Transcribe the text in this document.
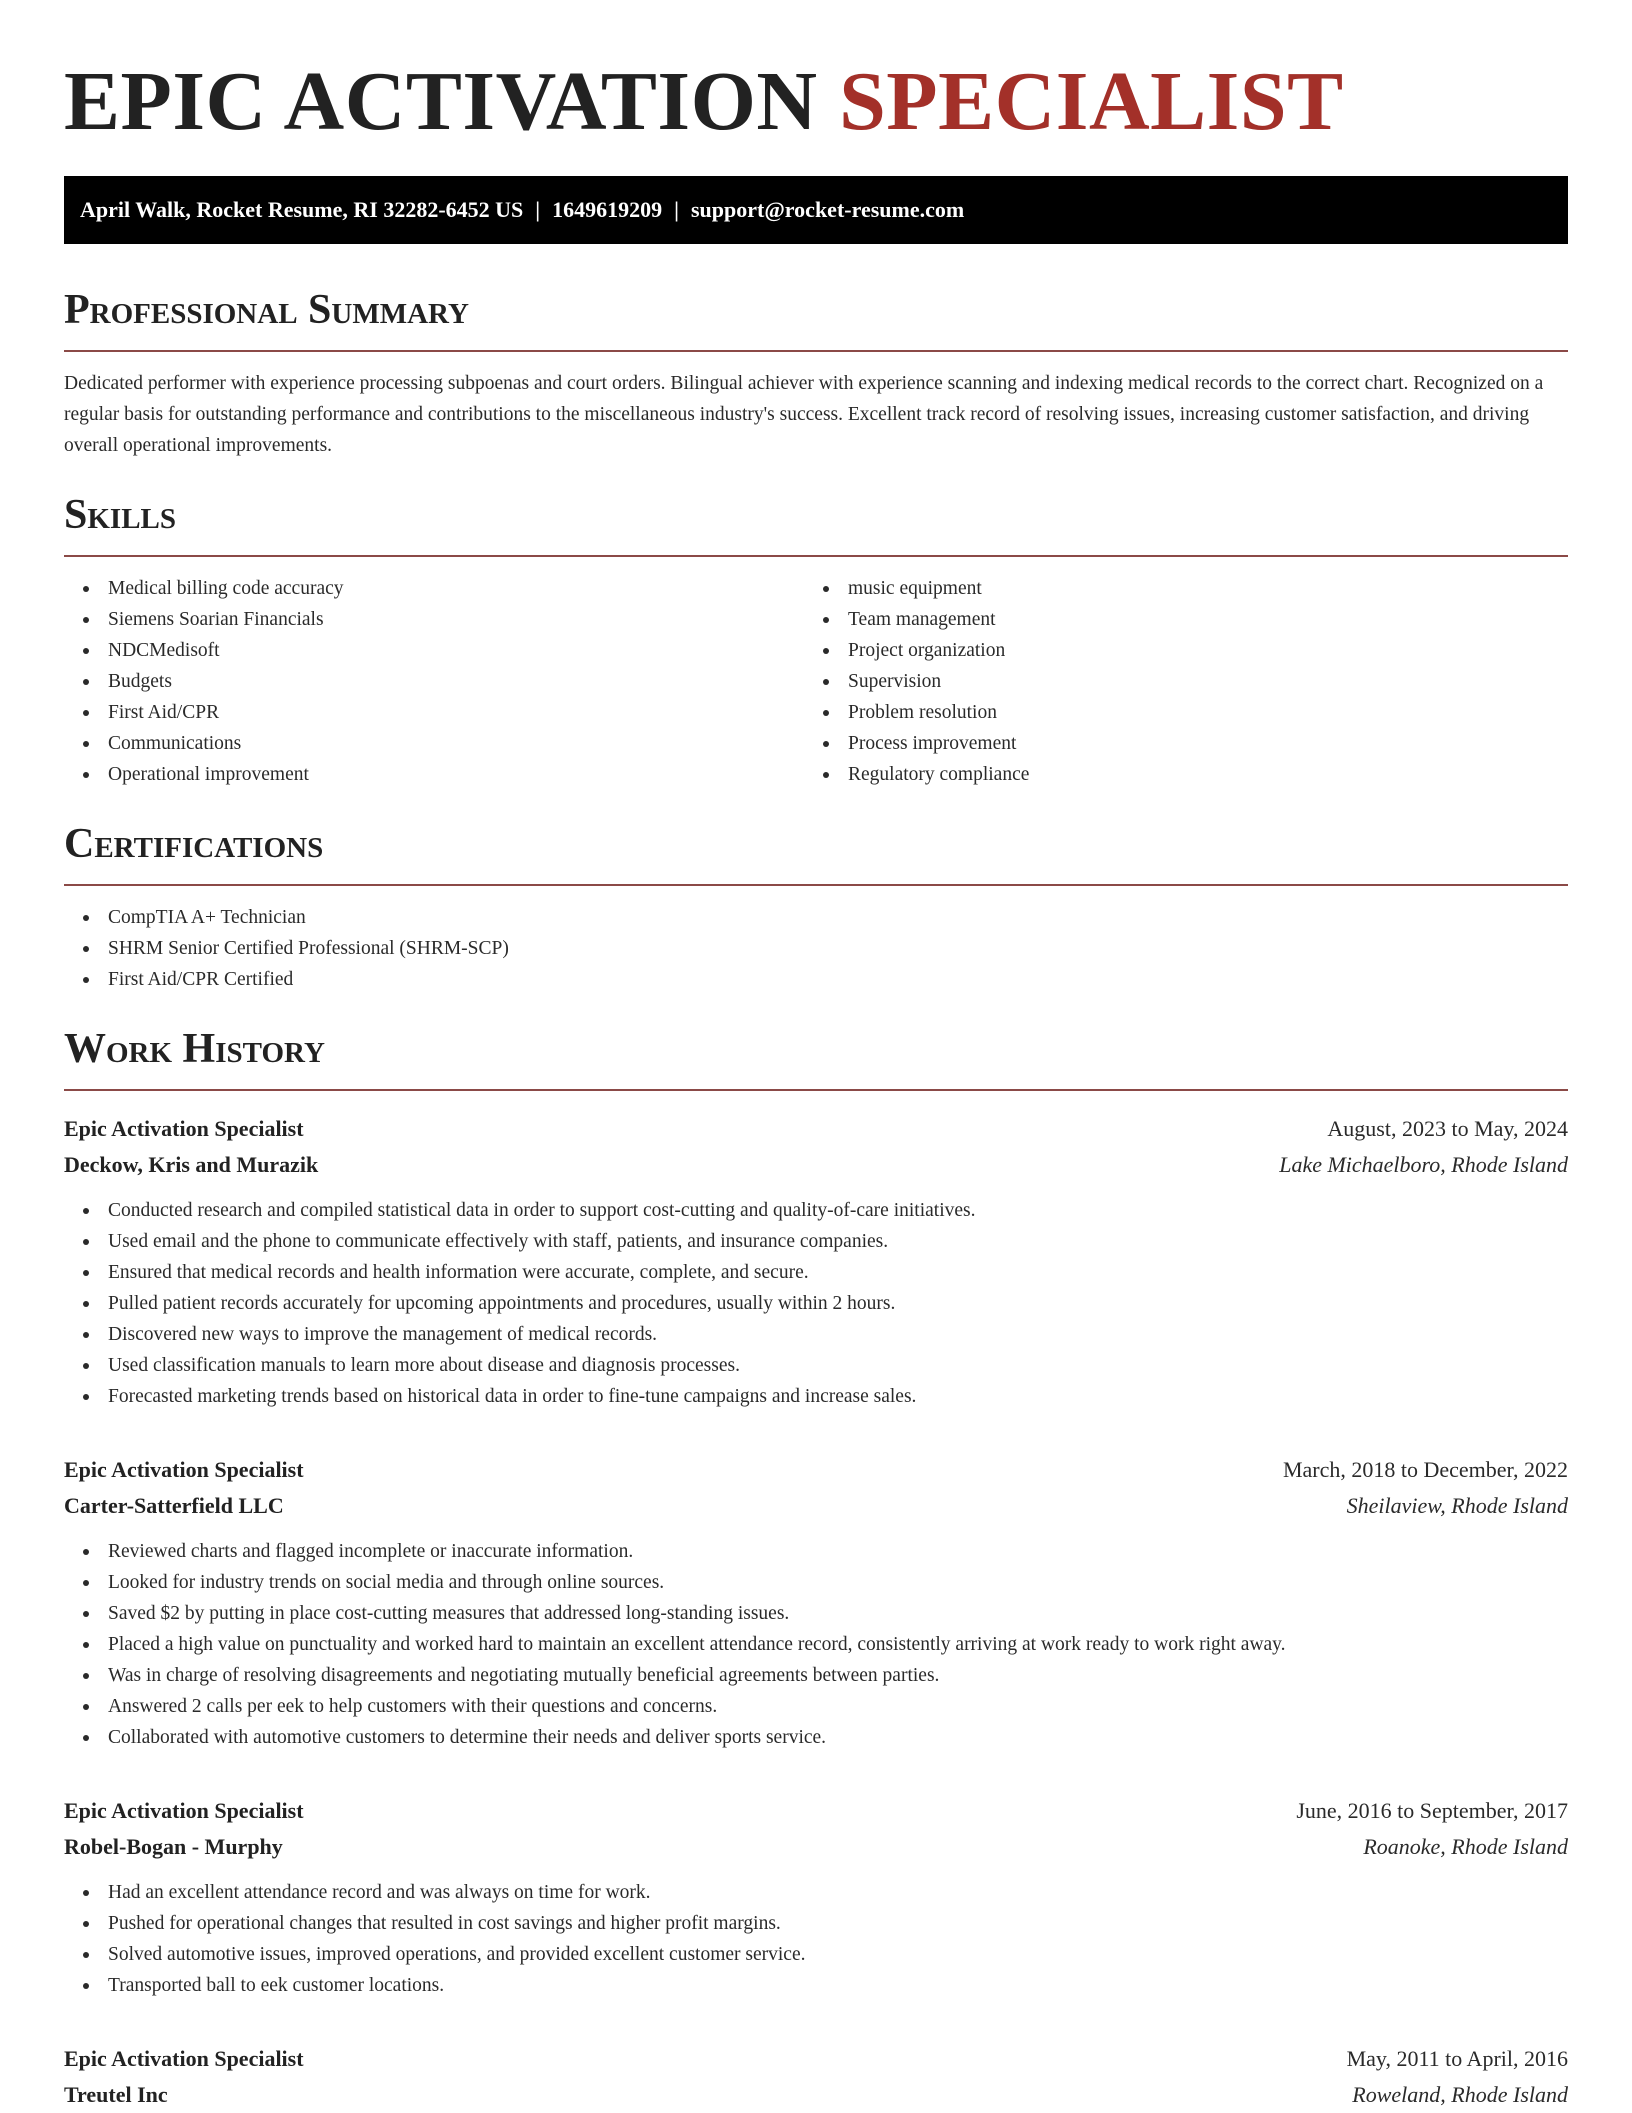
EPIC ACTIVATION SPECIALIST
April Walk, Rocket Resume, RI 32282-6452 US | 1649619209 | support@rocket-resume.com
Professional Summary

Dedicated performer with experience processing subpoenas and court orders. Bilingual achiever with experience scanning and indexing medical records to the correct chart. Recognized on a regular basis for outstanding performance and contributions to the miscellaneous industry's success. Excellent track record of resolving issues, increasing customer satisfaction, and driving overall operational improvements.

Skills
Medical billing code accuracy
Siemens Soarian Financials
NDCMedisoft
Budgets
First Aid/CPR
Communications
Operational improvement
music equipment
Team management
Project organization
Supervision
Problem resolution
Process improvement
Regulatory compliance
Certifications
CompTIA A+ Technician
SHRM Senior Certified Professional (SHRM-SCP)
First Aid/CPR Certified
Work History
Epic Activation Specialist	August, 2023 to May, 2024
Deckow, Kris and Murazik	Lake Michaelboro, Rhode Island
Conducted research and compiled statistical data in order to support cost-cutting and quality-of-care initiatives.
Used email and the phone to communicate effectively with staff, patients, and insurance companies.
Ensured that medical records and health information were accurate, complete, and secure.
Pulled patient records accurately for upcoming appointments and procedures, usually within 2 hours.
Discovered new ways to improve the management of medical records.
Used classification manuals to learn more about disease and diagnosis processes.
Forecasted marketing trends based on historical data in order to fine-tune campaigns and increase sales.
Epic Activation Specialist	March, 2018 to December, 2022
Carter-Satterfield LLC	Sheilaview, Rhode Island
Reviewed charts and flagged incomplete or inaccurate information.
Looked for industry trends on social media and through online sources.
Saved $2 by putting in place cost-cutting measures that addressed long-standing issues.
Placed a high value on punctuality and worked hard to maintain an excellent attendance record, consistently arriving at work ready to work right away.
Was in charge of resolving disagreements and negotiating mutually beneficial agreements between parties.
Answered 2 calls per eek to help customers with their questions and concerns.
Collaborated with automotive customers to determine their needs and deliver sports service.
Epic Activation Specialist	June, 2016 to September, 2017
Robel-Bogan - Murphy	Roanoke, Rhode Island
Had an excellent attendance record and was always on time for work.
Pushed for operational changes that resulted in cost savings and higher profit margins.
Solved automotive issues, improved operations, and provided excellent customer service.
Transported ball to eek customer locations.
Epic Activation Specialist	May, 2011 to April, 2016
Treutel Inc	Roweland, Rhode Island
